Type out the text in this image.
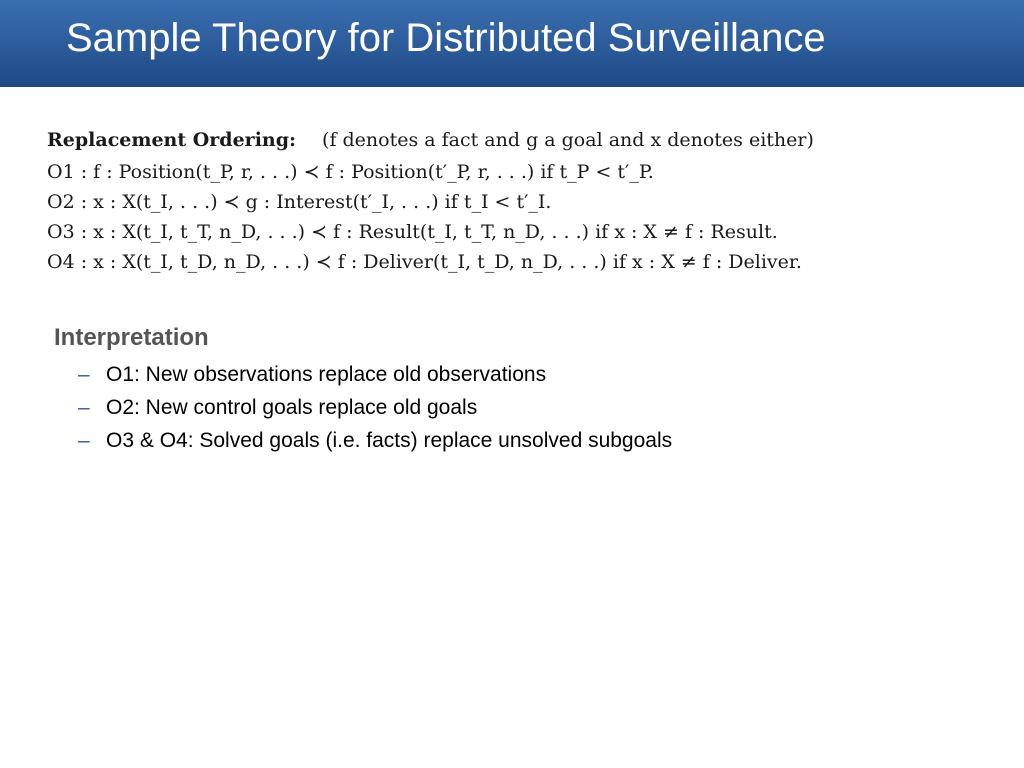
Sample Theory for Distributed Surveillance
Replacement Ordering: (f denotes a fact and g a goal and x denotes either)
O1 : f : Position(t_P, r, . . .) ≺ f : Position(t′_P, r, . . .) if t_P < t′_P.
O2 : x : X(t_I, . . .) ≺ g : Interest(t′_I, . . .) if t_I < t′_I.
O3 : x : X(t_I, t_T, n_D, . . .) ≺ f : Result(t_I, t_T, n_D, . . .) if x : X ≠ f : Result.
O4 : x : X(t_I, t_D, n_D, . . .) ≺ f : Deliver(t_I, t_D, n_D, . . .) if x : X ≠ f : Deliver.
Interpretation
– O1: New observations replace old observations
– O2: New control goals replace old goals
– O3 & O4: Solved goals (i.e. facts) replace unsolved subgoals
